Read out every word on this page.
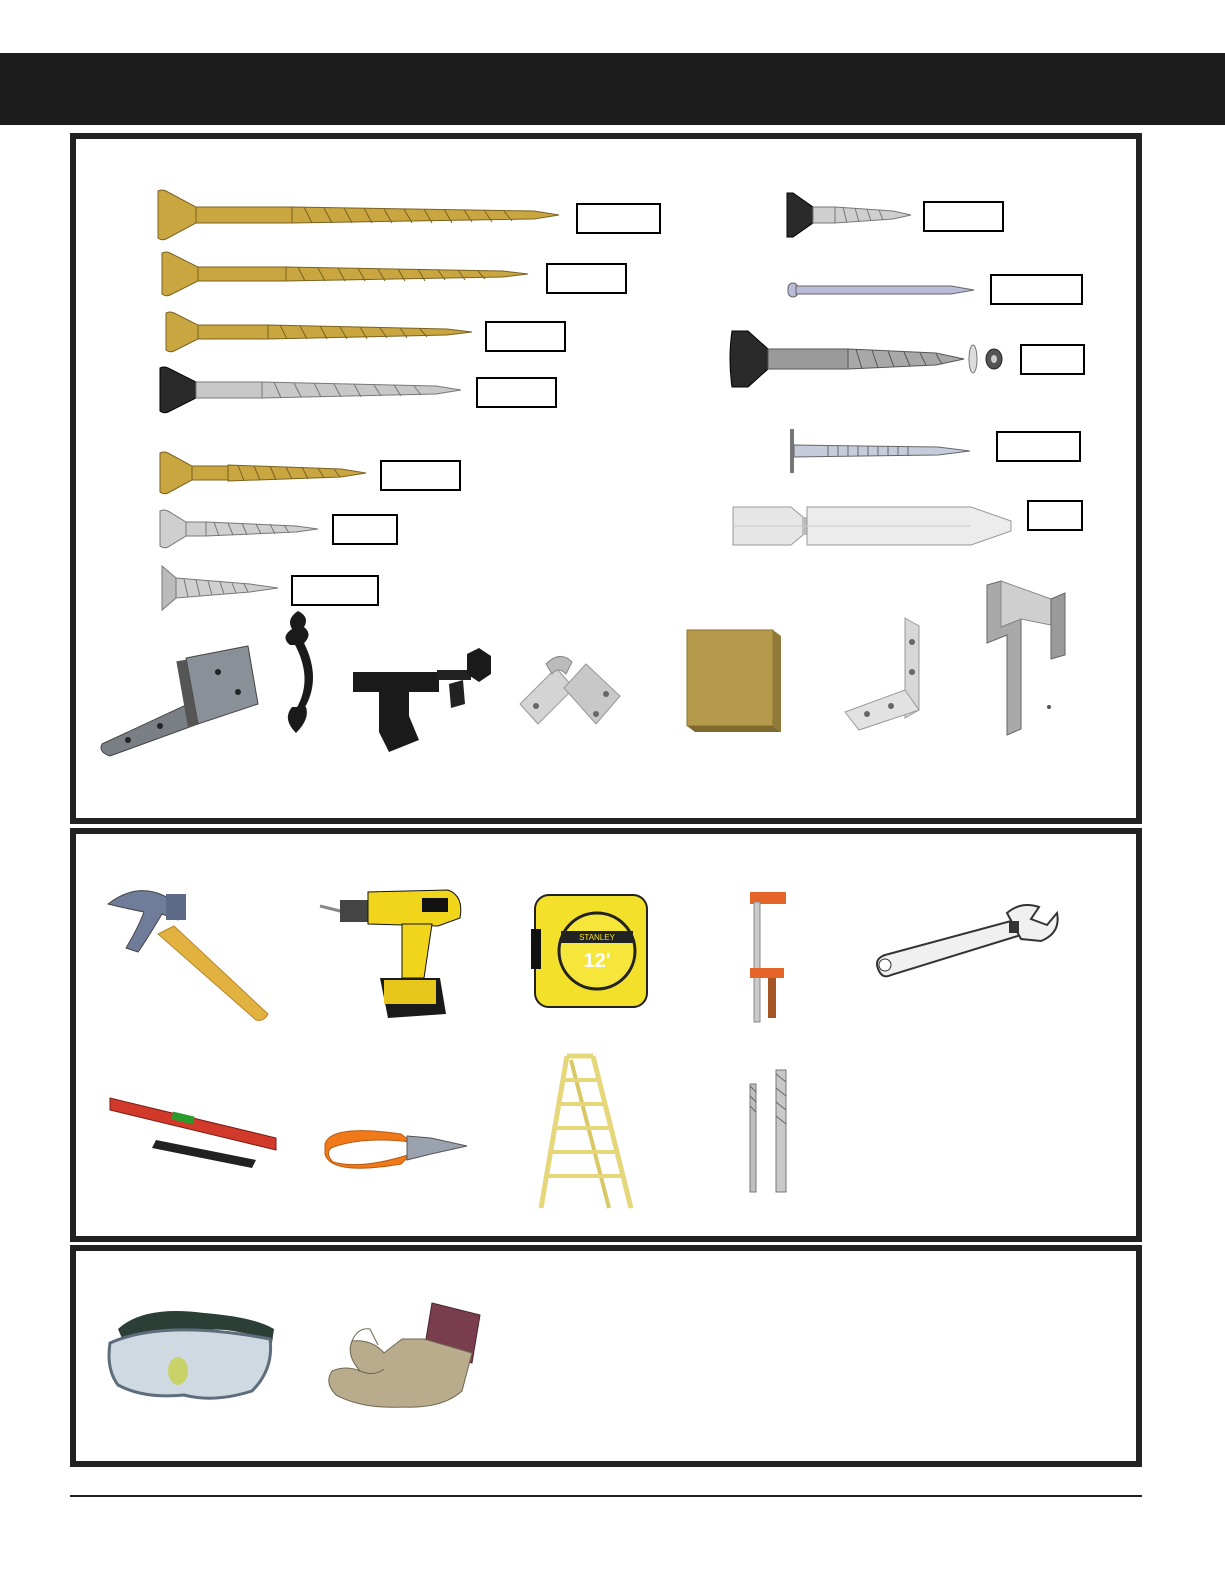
STANLEY
12'
